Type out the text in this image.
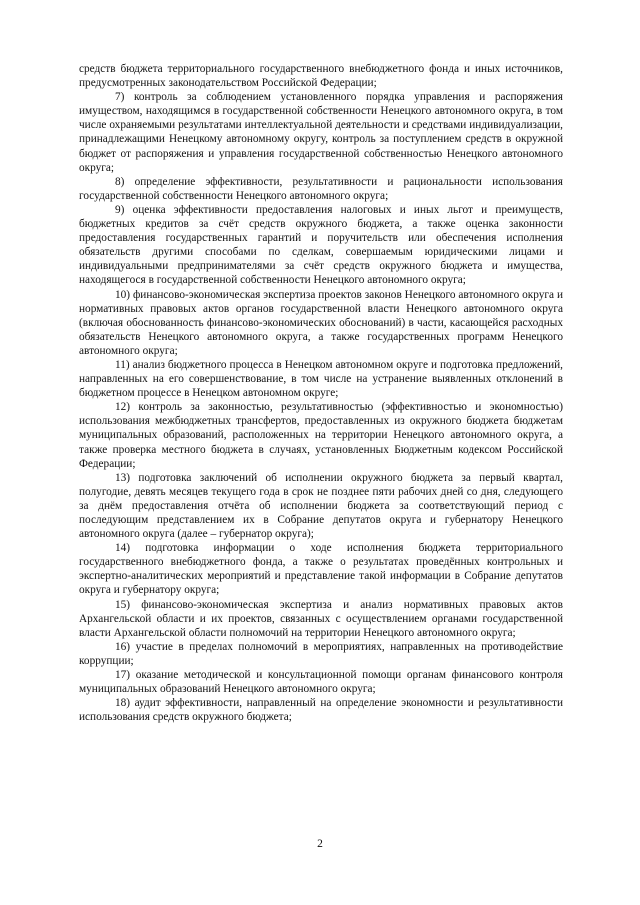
средств бюджета территориального государственного внебюджетного фонда и иных источников, предусмотренных законодательством Российской Федерации;

7) контроль за соблюдением установленного порядка управления и распоряжения имуществом, находящимся в государственной собственности Ненецкого автономного округа, в том числе охраняемыми результатами интеллектуальной деятельности и средствами индивидуализации, принадлежащими Ненецкому автономному округу, контроль за поступлением средств в окружной бюджет от распоряжения и управления государственной собственностью Ненецкого автономного округа;

8) определение эффективности, результативности и рациональности использования государственной собственности Ненецкого автономного округа;

9) оценка эффективности предоставления налоговых и иных льгот и преимуществ, бюджетных кредитов за счёт средств окружного бюджета, а также оценка законности предоставления государственных гарантий и поручительств или обеспечения исполнения обязательств другими способами по сделкам, совершаемым юридическими лицами и индивидуальными предпринимателями за счёт средств окружного бюджета и имущества, находящегося в государственной собственности Ненецкого автономного округа;

10) финансово-экономическая экспертиза проектов законов Ненецкого автономного округа и нормативных правовых актов органов государственной власти Ненецкого автономного округа (включая обоснованность финансово-экономических обоснований) в части, касающейся расходных обязательств Ненецкого автономного округа, а также государственных программ Ненецкого автономного округа;

11) анализ бюджетного процесса в Ненецком автономном округе и подготовка предложений, направленных на его совершенствование, в том числе на устранение выявленных отклонений в бюджетном процессе в Ненецком автономном округе;

12) контроль за законностью, результативностью (эффективностью и экономностью) использования межбюджетных трансфертов, предоставленных из окружного бюджета бюджетам муниципальных образований, расположенных на территории Ненецкого автономного округа, а также проверка местного бюджета в случаях, установленных Бюджетным кодексом Российской Федерации;

13) подготовка заключений об исполнении окружного бюджета за первый квартал, полугодие, девять месяцев текущего года в срок не позднее пяти рабочих дней со дня, следующего за днём предоставления отчёта об исполнении бюджета за соответствующий период с последующим представлением их в Собрание депутатов округа и губернатору Ненецкого автономного округа (далее – губернатор округа);

14) подготовка информации о ходе исполнения бюджета территориального государственного внебюджетного фонда, а также о результатах проведённых контрольных и экспертно-аналитических мероприятий и представление такой информации в Собрание депутатов округа и губернатору округа;

15) финансово-экономическая экспертиза и анализ нормативных правовых актов Архангельской области и их проектов, связанных с осуществлением органами государственной власти Архангельской области полномочий на территории Ненецкого автономного округа;

16) участие в пределах полномочий в мероприятиях, направленных на противодействие коррупции;

17) оказание методической и консультационной помощи органам финансового контроля муниципальных образований Ненецкого автономного округа;

18) аудит эффективности, направленный на определение экономности и результативности использования средств окружного бюджета;

2
